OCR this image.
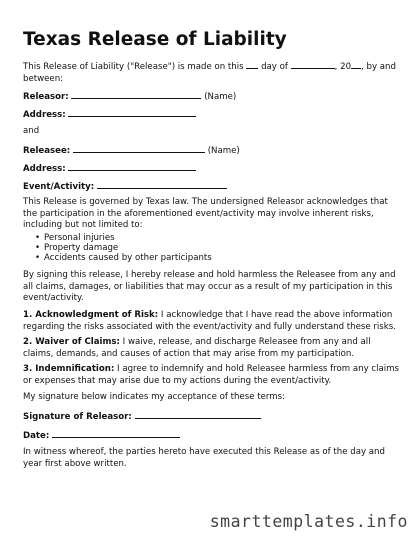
Texas Release of Liability
This Release of Liability ("Release") is made on this day of	, 20 , by and between:
Releasor:	(Name)
Address:
and
Releasee:	(Name)
Address:
Event/Activity:
This Release is governed by Texas law. The undersigned Releasor acknowledges that the participation in the aforementioned event/activity may involve inherent risks, including but not limited to:
• Personal injuries
• Property damage
• Accidents caused by other participants
By signing this release, I hereby release and hold harmless the Releasee from any and all claims, damages, or liabilities that may occur as a result of my participation in this event/activity.
1. Acknowledgment of Risk: I acknowledge that I have read the above information regarding the risks associated with the event/activity and fully understand these risks.
2. Waiver of Claims: I waive, release, and discharge Releasee from any and all claims, demands, and causes of action that may arise from my participation.
3. Indemnification: I agree to indemnify and hold Releasee harmless from any claims or expenses that may arise due to my actions during the event/activity.
My signature below indicates my acceptance of these terms:
Signature of Releasor:
Date:
In witness whereof, the parties hereto have executed this Release as of the day and year first above written.
smarttemplates.info
